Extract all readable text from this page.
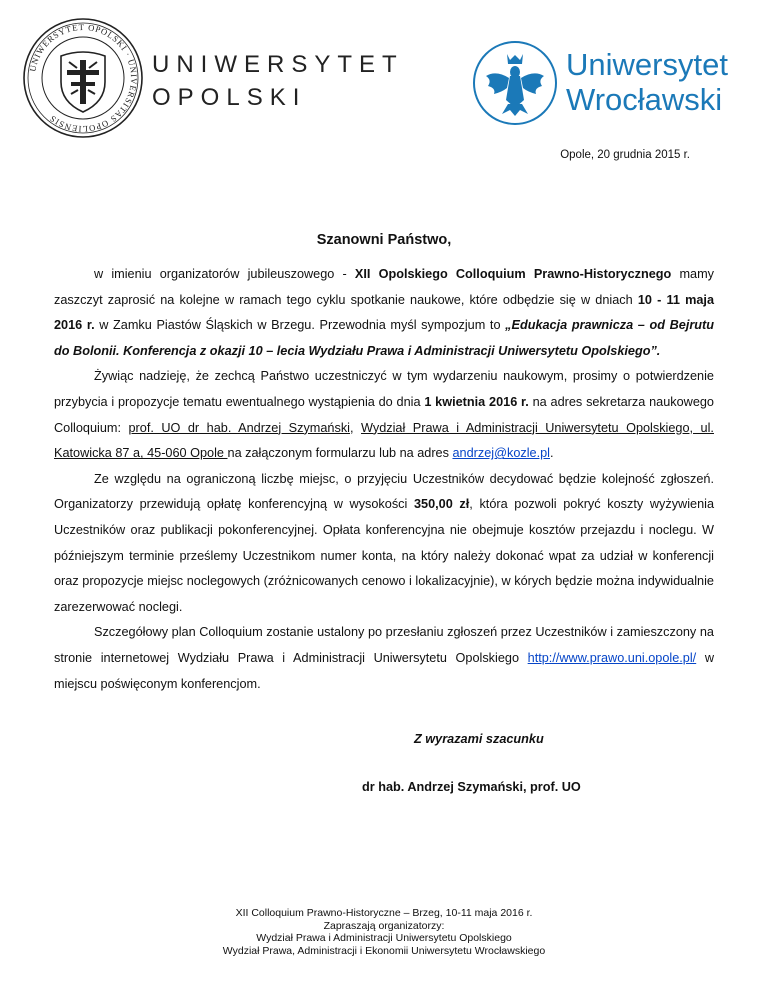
UNIWERSYTET OPOLSKI · UNIVERSITAS OPOLIENSIS
UNIWERSYTET
OPOLSKI
Uniwersytet
Wrocławski
Opole, 20 grudnia 2015 r.
Szanowni Państwo,

w imieniu organizatorów jubileuszowego - XII Opolskiego Colloquium Prawno-Historycznego mamy zaszczyt zaprosić na kolejne w ramach tego cyklu spotkanie naukowe, które odbędzie się w dniach 10 - 11 maja 2016 r. w Zamku Piastów Śląskich w Brzegu. Przewodnia myśl sympozjum to „Edukacja prawnicza – od Bejrutu do Bolonii. Konferencja z okazji 10 – lecia Wydziału Prawa i Administracji Uniwersytetu Opolskiego”.

Żywiąc nadzieję, że zechcą Państwo uczestniczyć w tym wydarzeniu naukowym, prosimy o potwierdzenie przybycia i propozycje tematu ewentualnego wystąpienia do dnia 1 kwietnia 2016 r. na adres sekretarza naukowego Colloquium: prof. UO dr hab. Andrzej Szymański, Wydział Prawa i Administracji Uniwersytetu Opolskiego, ul. Katowicka 87 a, 45-060 Opole na załączonym formularzu lub na adres andrzej@kozle.pl.

Ze względu na ograniczoną liczbę miejsc, o przyjęciu Uczestników decydować będzie kolejność zgłoszeń. Organizatorzy przewidują opłatę konferencyjną w wysokości 350,00 zł, która pozwoli pokryć koszty wyżywienia Uczestników oraz publikacji pokonferencyjnej. Opłata konferencyjna nie obejmuje kosztów przejazdu i noclegu. W późniejszym terminie prześlemy Uczestnikom numer konta, na który należy dokonać wpat za udział w konferencji oraz propozycje miejsc noclegowych (zróżnicowanych cenowo i lokalizacyjnie), w kórych będzie można indywidualnie zarezerwować noclegi.

Szczegółowy plan Colloquium zostanie ustalony po przesłaniu zgłoszeń przez Uczestników i zamieszczony na stronie internetowej Wydziału Prawa i Administracji Uniwersytetu Opolskiego http://www.prawo.uni.opole.pl/ w miejscu poświęconym konferencjom.

Z wyrazami szacunku
dr hab. Andrzej Szymański, prof. UO
XII Colloquium Prawno-Historyczne – Brzeg, 10-11 maja 2016 r.
Zapraszają organizatorzy:
Wydział Prawa i Administracji Uniwersytetu Opolskiego
Wydział Prawa, Administracji i Ekonomii Uniwersytetu Wrocławskiego
